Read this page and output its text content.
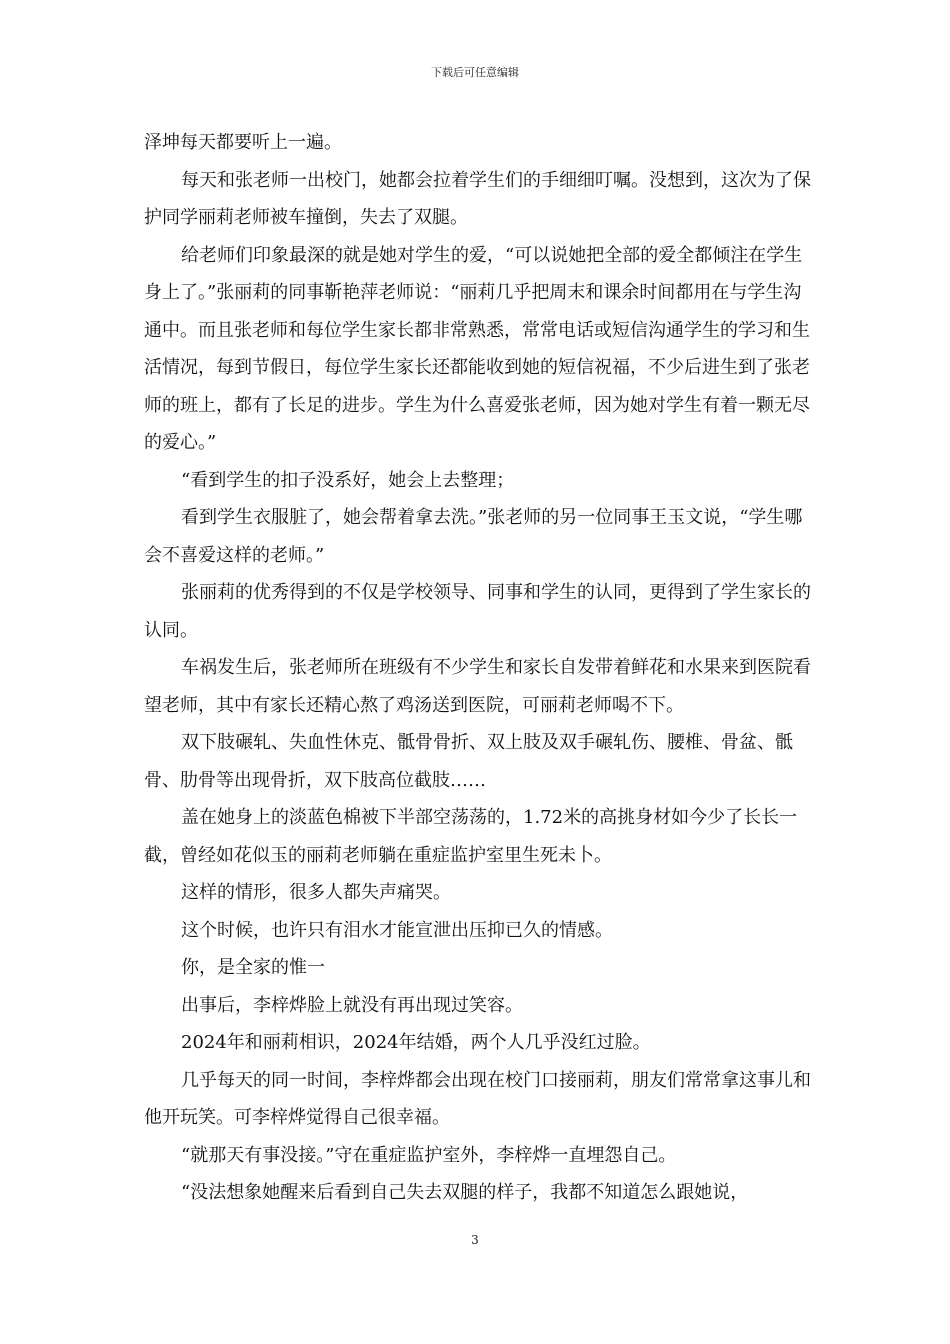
下载后可任意编辑

泽坤每天都要听上一遍。

每天和张老师一出校门，她都会拉着学生们的手细细叮嘱。没想到，这次为了保护同学丽莉老师被车撞倒，失去了双腿。

给老师们印象最深的就是她对学生的爱，“可以说她把全部的爱全都倾注在学生身上了。”张丽莉的同事靳艳萍老师说：“丽莉几乎把周末和课余时间都用在与学生沟通中。而且张老师和每位学生家长都非常熟悉，常常电话或短信沟通学生的学习和生活情况，每到节假日，每位学生家长还都能收到她的短信祝福，不少后进生到了张老师的班上，都有了长足的进步。学生为什么喜爱张老师，因为她对学生有着一颗无尽的爱心。”

“看到学生的扣子没系好，她会上去整理；

看到学生衣服脏了，她会帮着拿去洗。”张老师的另一位同事王玉文说，“学生哪会不喜爱这样的老师。”

张丽莉的优秀得到的不仅是学校领导、同事和学生的认同，更得到了学生家长的认同。

车祸发生后，张老师所在班级有不少学生和家长自发带着鲜花和水果来到医院看望老师，其中有家长还精心熬了鸡汤送到医院，可丽莉老师喝不下。

双下肢碾轧、失血性休克、骶骨骨折、双上肢及双手碾轧伤、腰椎、骨盆、骶骨、肋骨等出现骨折，双下肢高位截肢……

盖在她身上的淡蓝色棉被下半部空荡荡的，1.72米的高挑身材如今少了长长一截，曾经如花似玉的丽莉老师躺在重症监护室里生死未卜。

这样的情形，很多人都失声痛哭。

这个时候，也许只有泪水才能宣泄出压抑已久的情感。

你，是全家的惟一

出事后，李梓烨脸上就没有再出现过笑容。

2024年和丽莉相识，2024年结婚，两个人几乎没红过脸。

几乎每天的同一时间，李梓烨都会出现在校门口接丽莉，朋友们常常拿这事儿和他开玩笑。可李梓烨觉得自己很幸福。

“就那天有事没接。”守在重症监护室外，李梓烨一直埋怨自己。

“没法想象她醒来后看到自己失去双腿的样子，我都不知道怎么跟她说，

3
